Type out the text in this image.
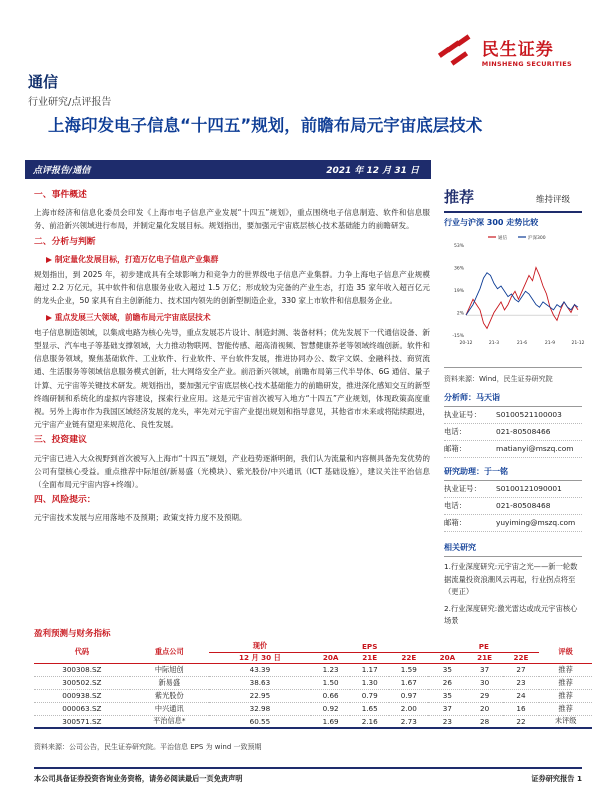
民生证券
MINSHENG SECURITIES
通信
行业研究/点评报告
上海印发电子信息“十四五”规划，前瞻布局元宇宙底层技术
点评报告/通信	2021 年 12 月 31 日
一、事件概述
上海市经济和信息化委员会印发《上海市电子信息产业发展“十四五”规划》，重点围绕电子信息制造、软件和信息服务、前沿新兴领域进行布局，并制定量化发展目标。规划指出，要加强元宇宙底层核心技术基础能力的前瞻研发。
二、分析与判断
▶ 制定量化发展目标，打造万亿电子信息产业集群
规划指出，到 2025 年，初步建成具有全球影响力和竞争力的世界级电子信息产业集群。力争上海电子信息产业规模超过 2.2 万亿元，其中软件和信息服务业收入超过 1.5 万亿；形成较为完备的产业生态，打造 35 家年收入超百亿元的龙头企业，50 家具有自主创新能力、技术国内领先的创新型制造企业，330 家上市软件和信息服务企业。
▶ 重点发展三大领域，前瞻布局元宇宙底层技术
电子信息制造领域，以集成电路为核心先导，重点发展芯片设计、制造封测、装备材料；优先发展下一代通信设备、新型显示、汽车电子等基础支撑领域，大力推动物联网、智能传感、超高清视频、智慧健康养老等领域终端创新。软件和信息服务领域，聚焦基础软件、工业软件、行业软件、平台软件发展，推进协同办公、数字文娱、金融科技、商贸流通、生活服务等领域信息服务模式创新，壮大网络安全产业。前沿新兴领域，前瞻布局第三代半导体、6G 通信、量子计算、元宇宙等关键技术研发。规划指出，要加强元宇宙底层核心技术基础能力的前瞻研发，推进深化感知交互的新型终端研制和系统化的虚拟内容建设，探索行业应用。这是元宇宙首次被写入地方“十四五”产业规划，体现政策高度重视。另外上海市作为我国区域经济发展的龙头，率先对元宇宙产业提出规划和指导意见，其他省市未来或将陆续跟进，元宇宙产业链有望迎来规范化、良性发展。
三、投资建议
元宇宙已进入大众视野到首次被写入上海市“十四五”规划，产业趋势逐渐明朗，我们认为流量和内容侧具备先发优势的公司有望核心受益。重点推荐中际旭创/新易盛（光模块）、紫光股份/中兴通讯（ICT 基础设施），建议关注平治信息（全面布局元宇宙内容+终端）。
四、风险提示：
元宇宙技术发展与应用落地不及预期；政策支持力度不及预期。
推荐	维持评级
行业与沪深 300 走势比较
53%
36%
19%
2%
-15%
20-12	21-3	21-6	21-9	21-12
通信	沪深300
资料来源：Wind，民生证券研究院
分析师：马天诣
执业证号：	S0100521100003
电话：	021-80508466
邮箱：	matianyi@mszq.com
研究助理：于一铭
执业证号：	S0100121090001
电话：	021-80508468
邮箱：	yuyiming@mszq.com
相关研究
1.行业深度研究:元宇宙之光——新一轮数据流量投资浪潮风云再起，行业拐点将至（更正）
2.行业深度研究:激光雷达或成元宇宙核心场景
盈利预测与财务指标
代码	重点公司	现价	EPS			PE			评级
		12 月 30 日	20A	21E	22E	20A	21E	22E	
300308.SZ	中际旭创	43.39	1.23	1.17	1.59	35	37	27	推荐
300502.SZ	新易盛	38.63	1.50	1.30	1.67	26	30	23	推荐
000938.SZ	紫光股份	22.95	0.66	0.79	0.97	35	29	24	推荐
000063.SZ	中兴通讯	32.98	0.92	1.65	2.00	37	20	16	推荐
300571.SZ	平治信息*	60.55	1.69	2.16	2.73	23	28	22	未评级
资料来源：公司公告，民生证券研究院。平治信息 EPS 为 wind 一致预期
本公司具备证券投资咨询业务资格，请务必阅读最后一页免责声明	证券研究报告 1
